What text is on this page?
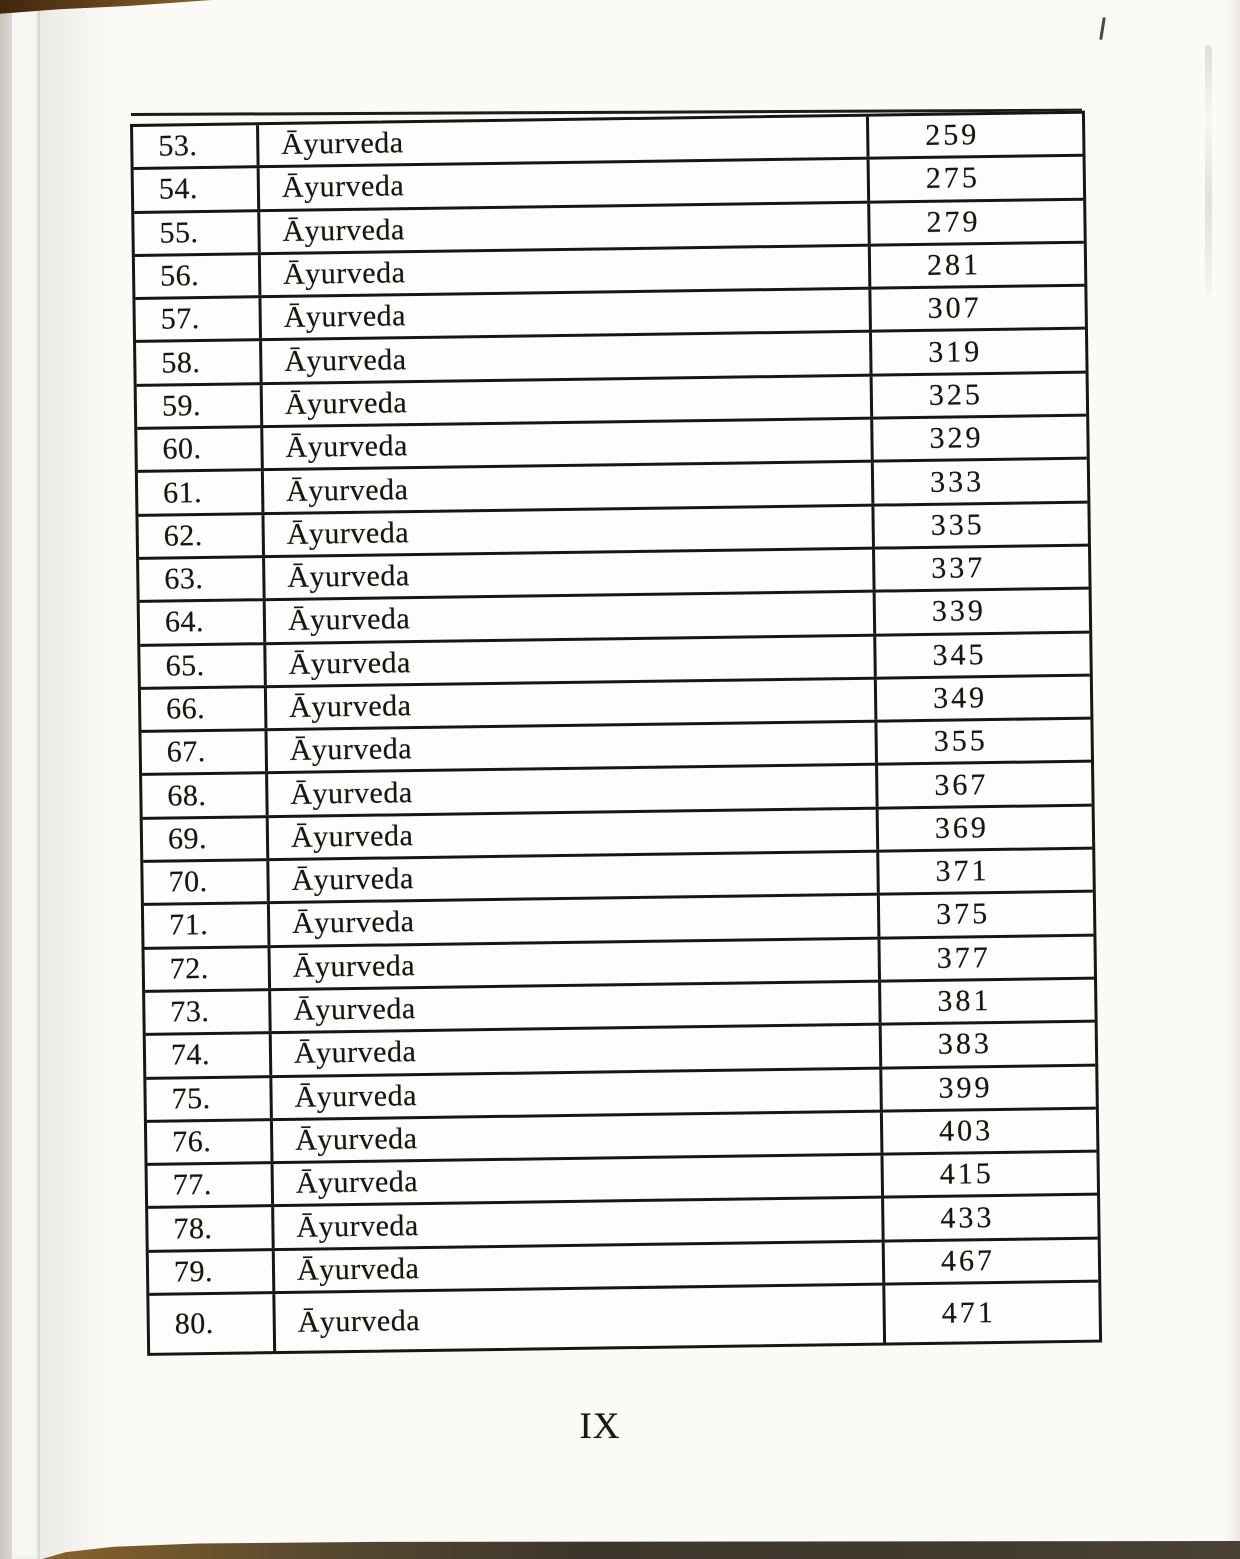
53.	Āyurveda	259
54.	Āyurveda	275
55.	Āyurveda	279
56.	Āyurveda	281
57.	Āyurveda	307
58.	Āyurveda	319
59.	Āyurveda	325
60.	Āyurveda	329
61.	Āyurveda	333
62.	Āyurveda	335
63.	Āyurveda	337
64.	Āyurveda	339
65.	Āyurveda	345
66.	Āyurveda	349
67.	Āyurveda	355
68.	Āyurveda	367
69.	Āyurveda	369
70.	Āyurveda	371
71.	Āyurveda	375
72.	Āyurveda	377
73.	Āyurveda	381
74.	Āyurveda	383
75.	Āyurveda	399
76.	Āyurveda	403
77.	Āyurveda	415
78.	Āyurveda	433
79.	Āyurveda	467
80.	Āyurveda	471
IX
